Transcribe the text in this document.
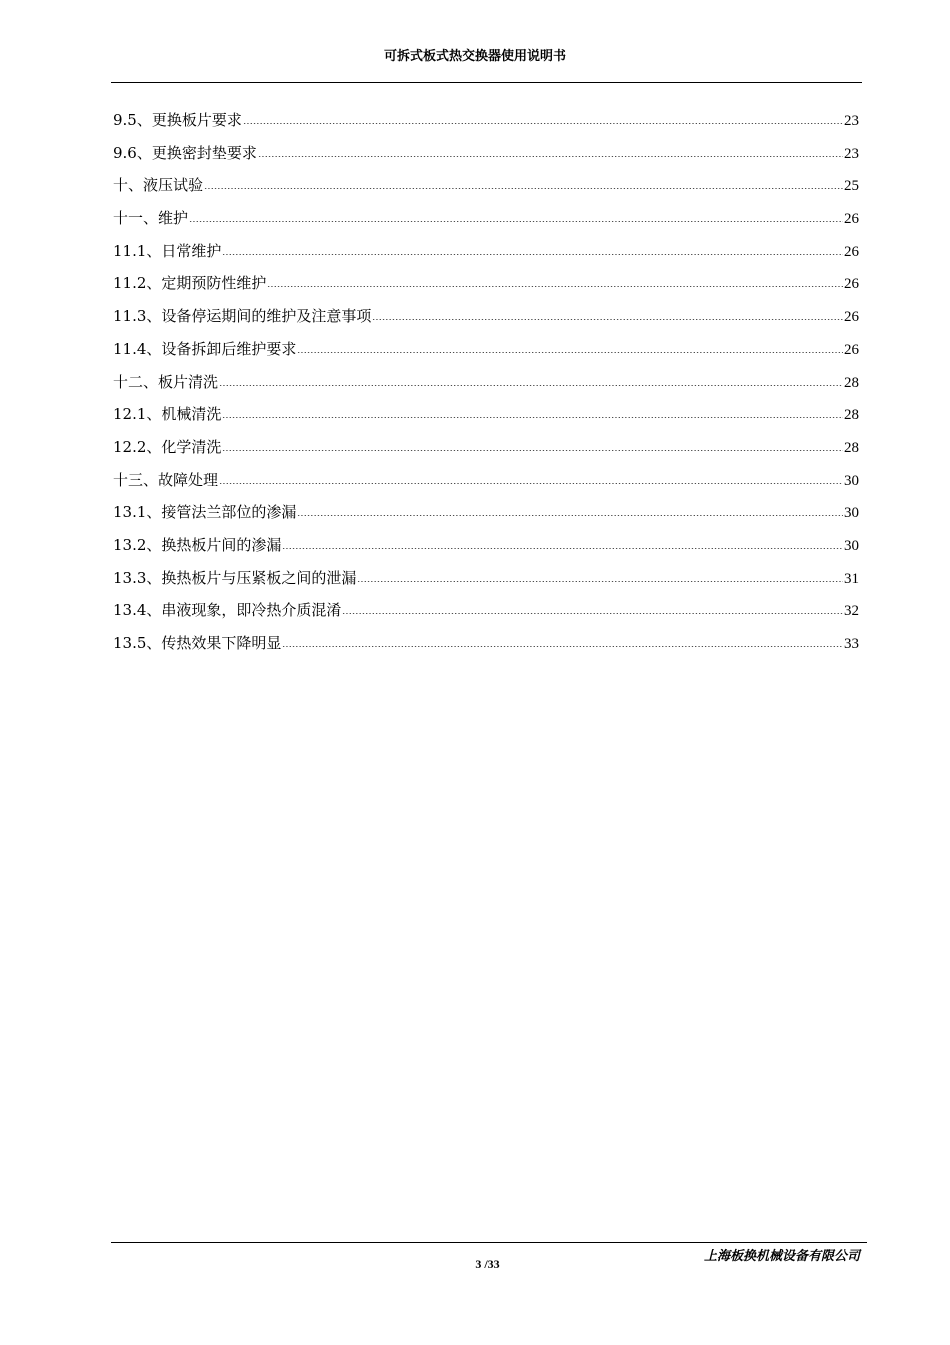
可拆式板式热交换器使用说明书
9.5、更换板片要求	23
9.6、更换密封垫要求	23
十、液压试验	25
十一、维护	26
11.1、日常维护	26
11.2、定期预防性维护	26
11.3、设备停运期间的维护及注意事项	26
11.4、设备拆卸后维护要求	26
十二、板片清洗	28
12.1、机械清洗	28
12.2、化学清洗	28
十三、故障处理	30
13.1、接管法兰部位的渗漏	30
13.2、换热板片间的渗漏	30
13.3、换热板片与压紧板之间的泄漏	31
13.4、串液现象，即冷热介质混淆	32
13.5、传热效果下降明显	33
上海板换机械设备有限公司
3 /33
